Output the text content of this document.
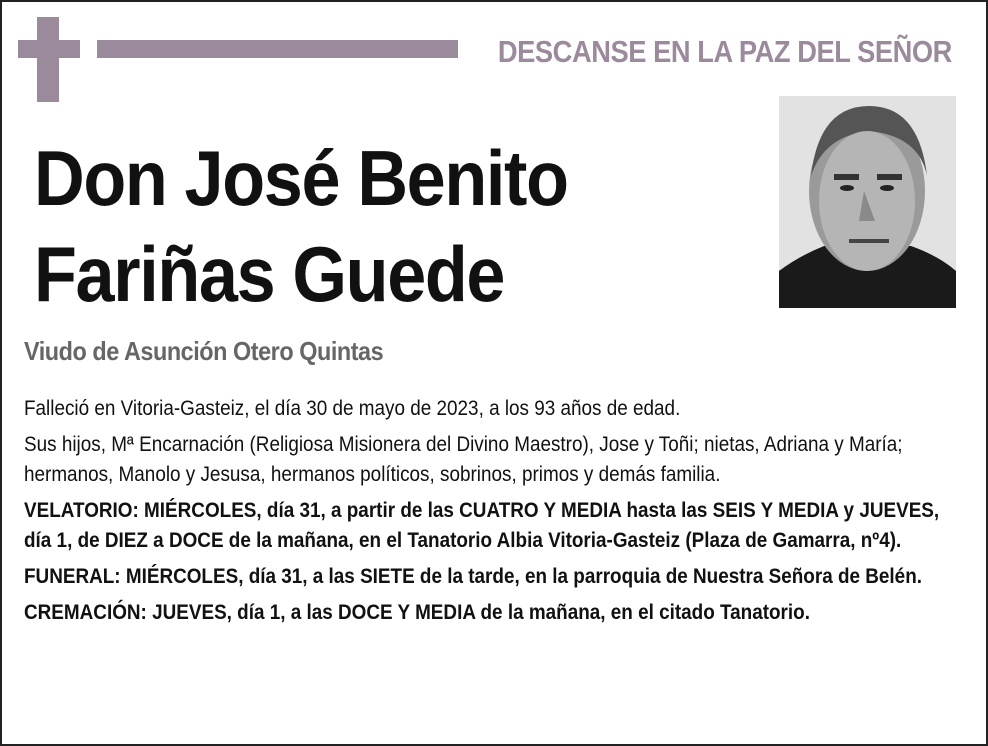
DESCANSE EN LA PAZ DEL SEÑOR
Don José Benito
Fariñas Guede
Viudo de Asunción Otero Quintas

Falleció en Vitoria-Gasteiz, el día 30 de mayo de 2023, a los 93 años de edad.

Sus hijos, Mª Encarnación (Religiosa Misionera del Divino Maestro), Jose y Toñi; nietas, Adriana y María; hermanos, Manolo y Jesusa, hermanos políticos, sobrinos, primos y demás familia.

VELATORIO: MIÉRCOLES, día 31, a partir de las CUATRO Y MEDIA hasta las SEIS Y MEDIA y JUEVES, día 1, de DIEZ a DOCE de la mañana, en el Tanatorio Albia Vitoria-Gasteiz (Plaza de Gamarra, nº4).

FUNERAL: MIÉRCOLES, día 31, a las SIETE de la tarde, en la parroquia de Nuestra Señora de Belén.

CREMACIÓN: JUEVES, día 1, a las DOCE Y MEDIA de la mañana, en el citado Tanatorio.
